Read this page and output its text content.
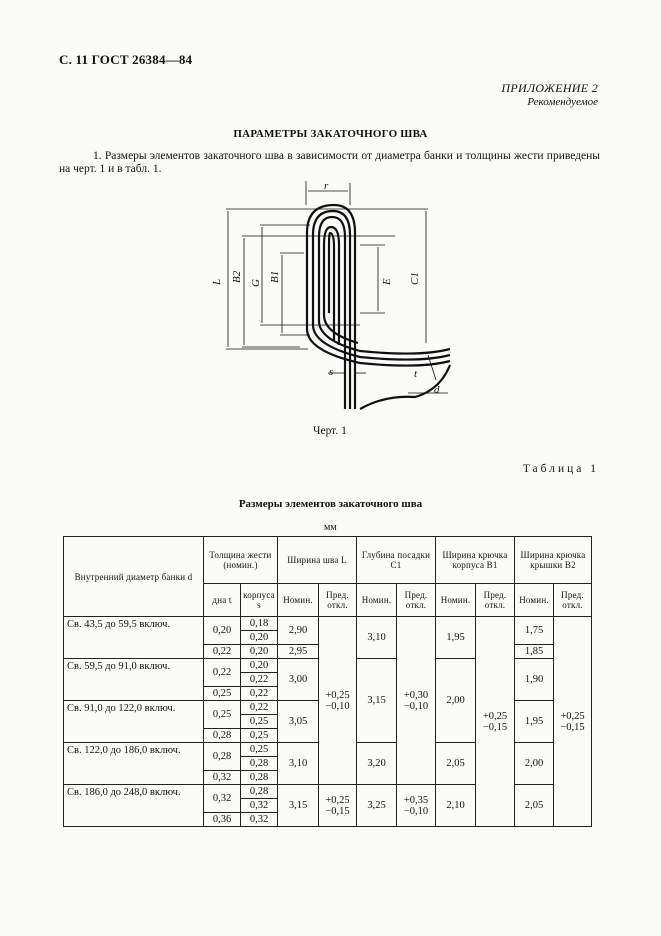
С. 11 ГОСТ 26384—84
ПРИЛОЖЕНИЕ 2
Рекомендуемое
ПАРАМЕТРЫ ЗАКАТОЧНОГО ШВА
1. Размеры элементов закаточного шва в зависимости от диаметра банки и толщины жести приведены на черт. 1 и в табл. 1.
L B2
G
B1	E C1
r
s	t
d
Черт. 1
Таблица 1
Размеры элементов закаточного шва
мм
Внутренний диаметр банки d	Толщина жести (номин.)		Ширина шва L		Глубина посадки C1		Ширина крючка корпуса B1		Ширина крючка крышки B2	
	дна t	корпуса s	Номин.	Пред. откл.	Номин.	Пред. откл.	Номин.	Пред. откл.	Номин.	Пред. откл.
Св. 43,5 до 59,5 включ.	0,20	0,18	2,90	+0,25 −0,10	3,10	+0,30 −0,10	1,95	+0,25 −0,15	1,75	+0,25 −0,15
		0,20								
	0,22	0,20	2,95						1,85	
Св. 59,5 до 91,0 включ.	0,22	0,20	3,00		3,15		2,00		1,90	
		0,22								
	0,25	0,22								
Св. 91,0 до 122,0 включ.	0,25	0,22	3,05						1,95	
		0,25								
	0,28	0,25								
Св. 122,0 до 186,0 включ.	0,28	0,25	3,10		3,20		2,05		2,00	
		0,28								
	0,32	0,28								
Св. 186,0 до 248,0 включ.	0,32	0,28	3,15	+0,25 −0,15	3,25	+0,35 −0,10	2,10		2,05	
		0,32								
	0,36	0,32								
